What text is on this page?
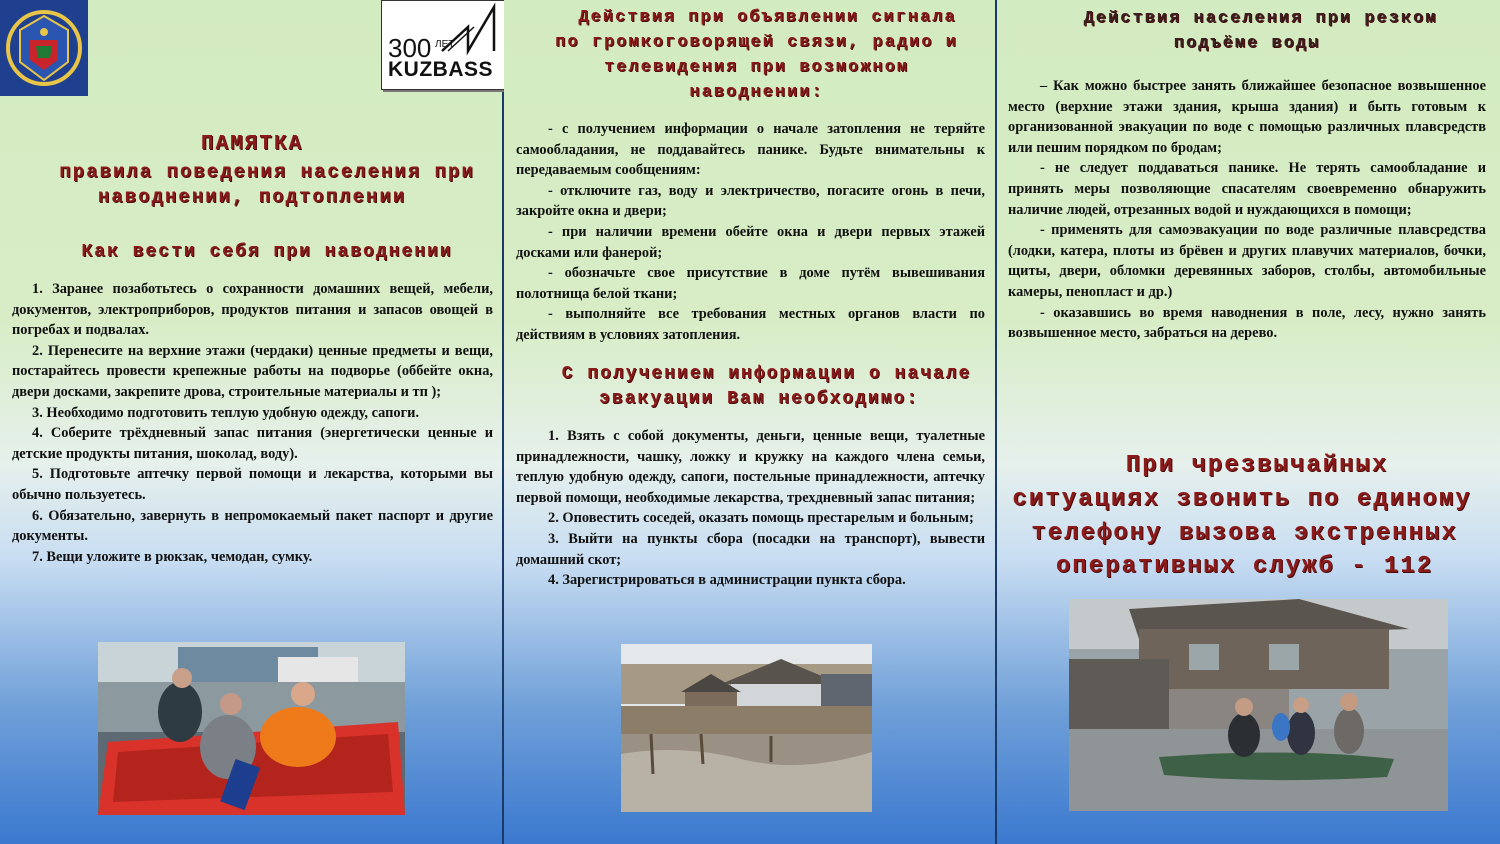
300 ЛЕТ
KUZBASS
ПАМЯТКА
правила поведения населения при
наводнении, подтоплении
Как вести себя при наводнении

1. Заранее позаботьтесь о сохранности домашних вещей, мебели, документов, электроприборов, продуктов питания и запасов овощей в погребах и подвалах.

2. Перенесите на верхние этажи (чердаки) ценные предметы и вещи, постарайтесь провести крепежные работы на подворье (оббейте окна, двери досками, закрепите дрова, строительные материалы и тп );

3. Необходимо подготовить теплую удобную одежду, сапоги.

4. Соберите трёхдневный запас питания (энергетически ценные и детские продукты питания, шоколад, воду).

5. Подготовьте аптечку первой помощи и лекарства, которыми вы обычно пользуетесь.

6. Обязательно, завернуть в непромокаемый пакет паспорт и другие документы.

7. Вещи уложите в рюкзак, чемодан, сумку.

Действия при объявлении сигнала
по громкоговорящей связи, радио и
телевидения при возможном
наводнении:

- с получением информации о начале затопления не теряйте самообладания, не поддавайтесь панике. Будьте внимательны к передаваемым сообщениям:

- отключите газ, воду и электричество, погасите огонь в печи, закройте окна и двери;

- при наличии времени обейте окна и двери первых этажей досками или фанерой;

- обозначьте свое присутствие в доме путём вывешивания полотнища белой ткани;

- выполняйте все требования местных органов власти по действиям в условиях затопления.

С получением информации о начале
эвакуации Вам необходимо:

1. Взять с собой документы, деньги, ценные вещи, туалетные принадлежности, чашку, ложку и кружку на каждого члена семьи, теплую удобную одежду, сапоги, постельные принадлежности, аптечку первой помощи, необходимые лекарства, трехдневный запас питания;

2. Оповестить соседей, оказать помощь престарелым и больным;

3. Выйти на пункты сбора (посадки на транспорт), вывести домашний скот;

4. Зарегистрироваться в администрации пункта сбора.

Действия населения при резком
подъёме воды

– Как можно быстрее занять ближайшее безопасное возвышенное место (верхние этажи здания, крыша здания) и быть готовым к организованной эвакуации по воде с помощью различных плавсредств или пешим порядком по бродам;

- не следует поддаваться панике. Не терять самообладание и принять меры позволяющие спасателям своевременно обнаружить наличие людей, отрезанных водой и нуждающихся в помощи;

- применять для самоэвакуации по воде различные плавсредства (лодки, катера, плоты из брёвен и других плавучих материалов, бочки, щиты, двери, обломки деревянных заборов, столбы, автомобильные камеры, пенопласт и др.)

- оказавшись во время наводнения в поле, лесу, нужно занять возвышенное место, забраться на дерево.

При чрезвычайных
ситуациях звонить по единому
телефону вызова экстренных
оперативных служб - 112
